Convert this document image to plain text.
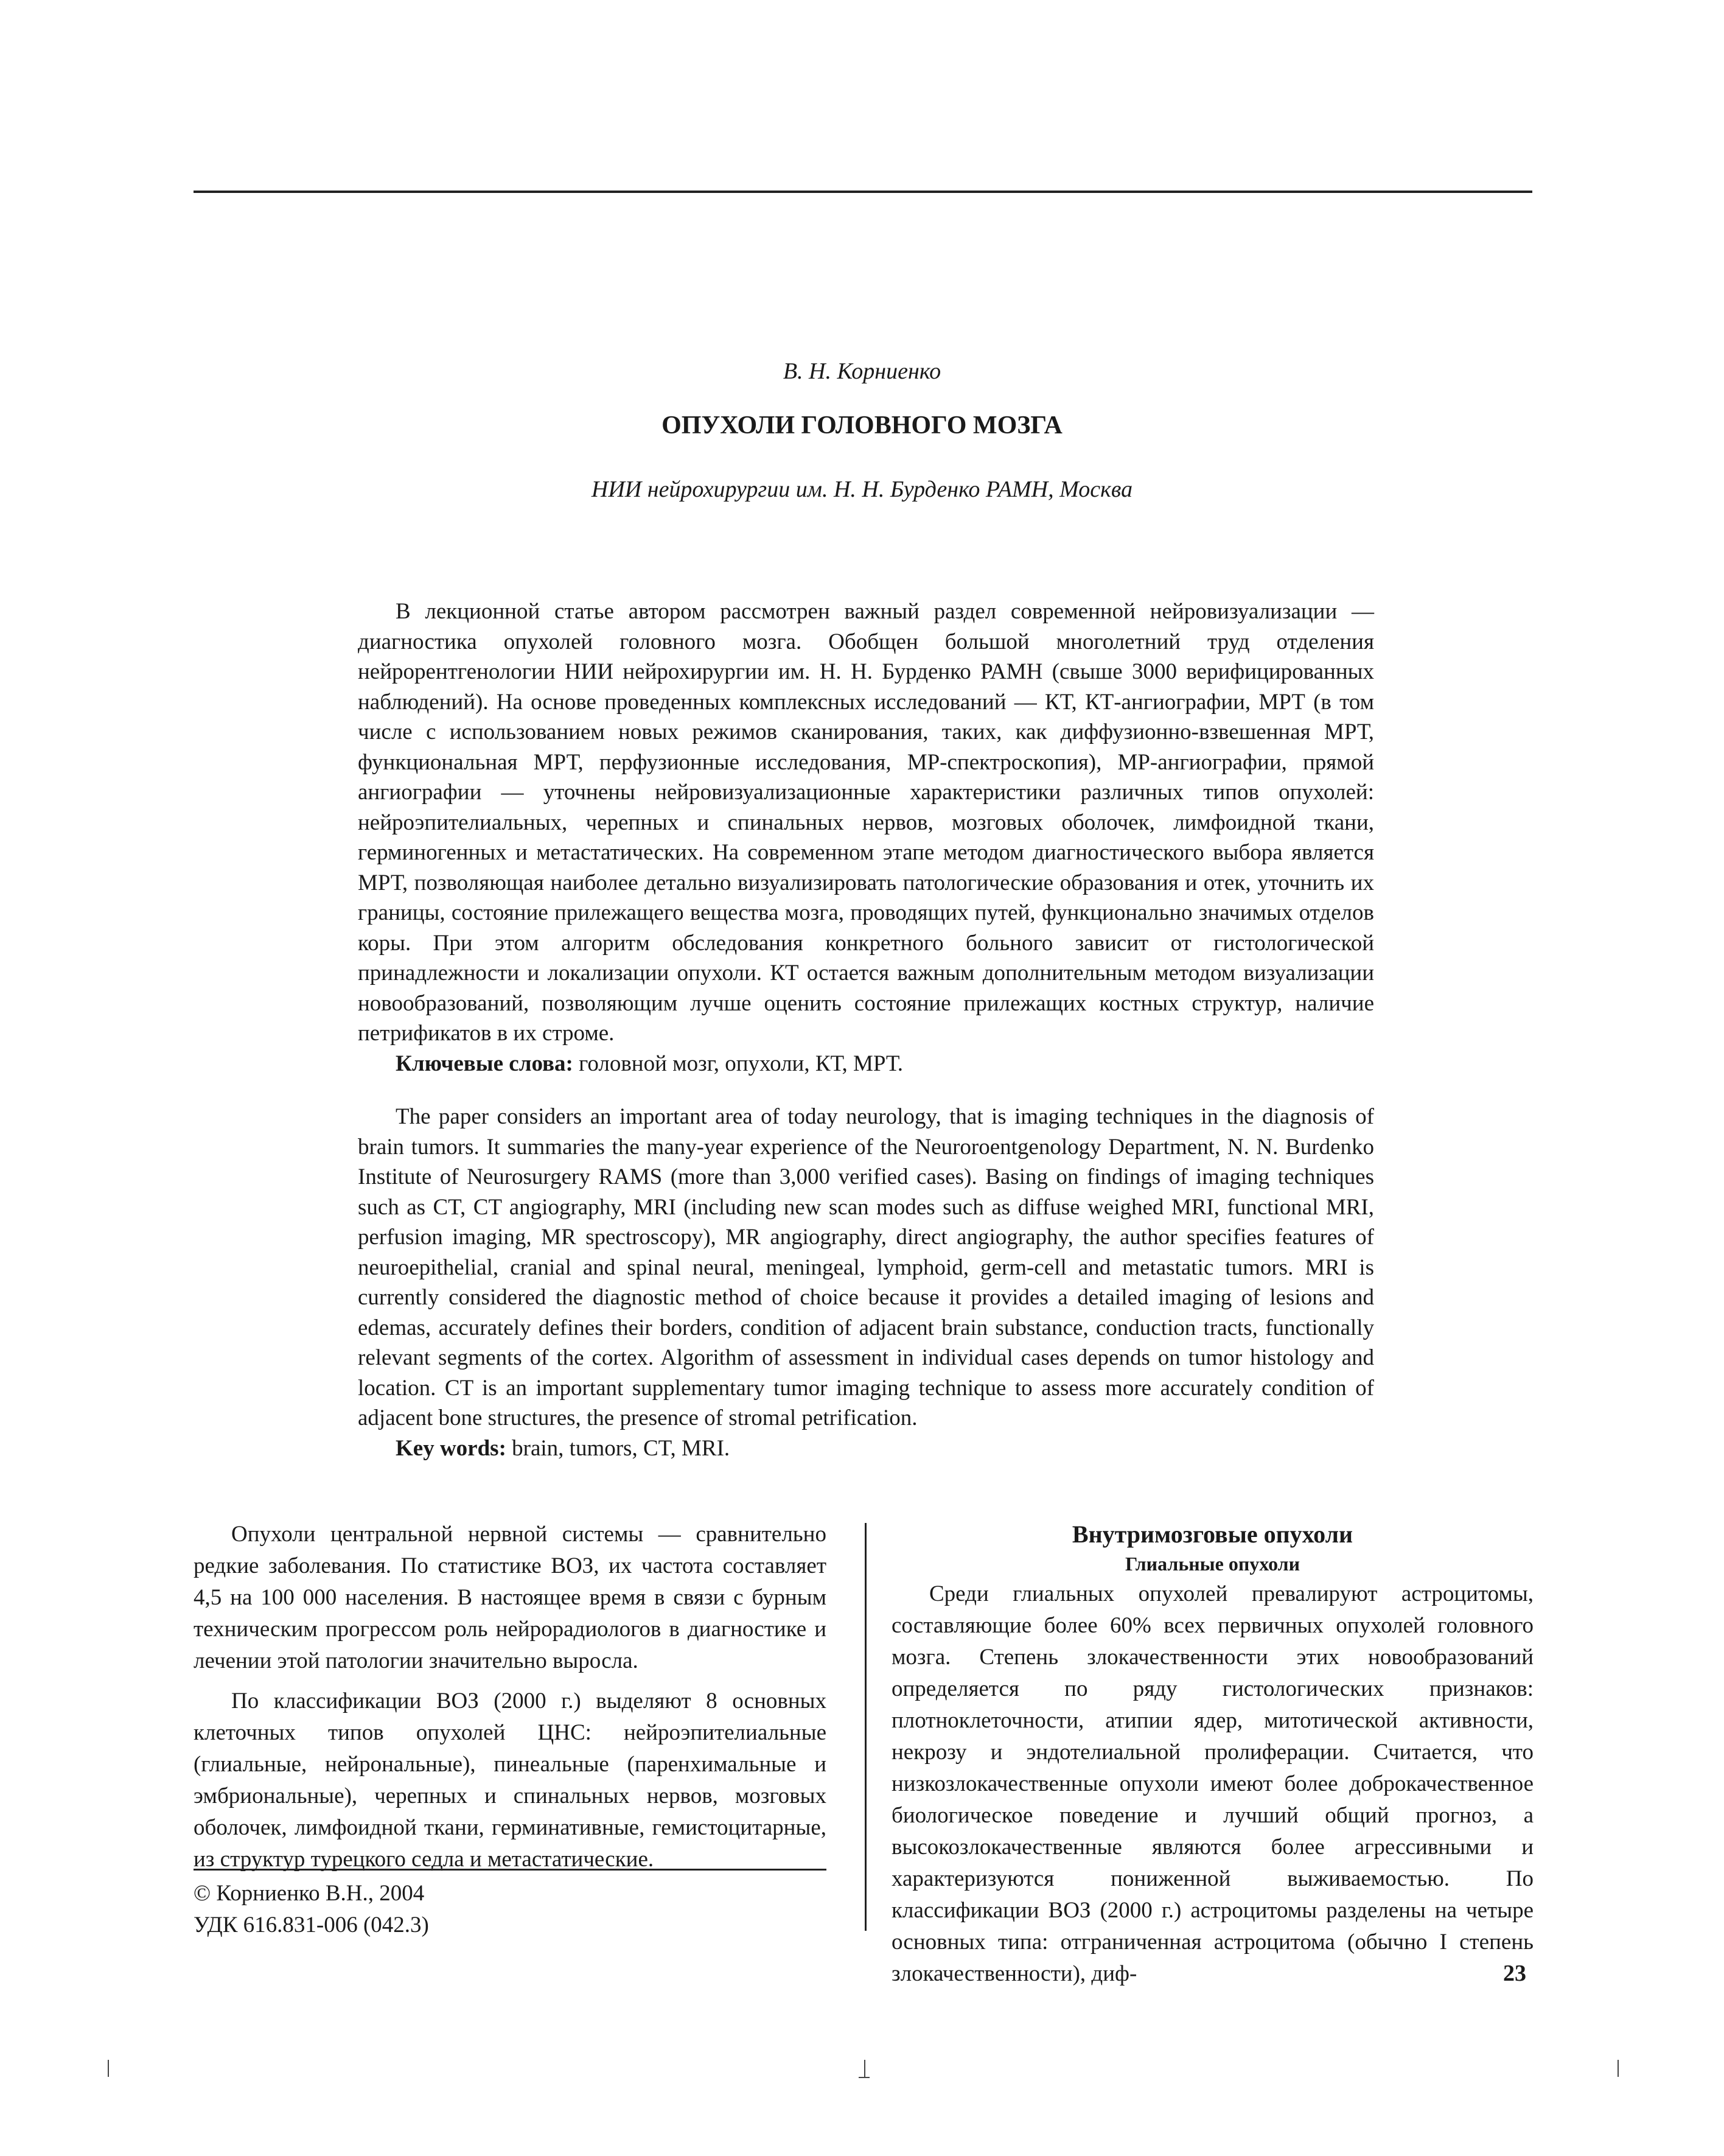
В. Н. Корниенко
ОПУХОЛИ ГОЛОВНОГО МОЗГА
НИИ нейрохирургии им. Н. Н. Бурденко РАМН, Москва

В лекционной статье автором рассмотрен важный раздел современной нейровизуализации — диагностика опухолей головного мозга. Обобщен большой многолетний труд отделения нейрорентгенологии НИИ нейрохирургии им. Н. Н. Бурденко РАМН (свыше 3000 верифицированных наблюдений). На основе проведенных комплексных исследований — КТ, КТ-ангиографии, МРТ (в том числе с использованием новых режимов сканирования, таких, как диффузионно-взвешенная МРТ, функциональная МРТ, перфузионные исследования, МР-спектроскопия), МР-ангиографии, прямой ангиографии — уточнены нейровизуализационные характеристики различных типов опухолей: нейроэпителиальных, черепных и спинальных нервов, мозговых оболочек, лимфоидной ткани, герминогенных и метастатических. На современном этапе методом диагностического выбора является МРТ, позволяющая наиболее детально визуализировать патологические образования и отек, уточнить их границы, состояние прилежащего вещества мозга, проводящих путей, функционально значимых отделов коры. При этом алгоритм обследования конкретного больного зависит от гистологической принадлежности и локализации опухоли. КТ остается важным дополнительным методом визуализации новообразований, позволяющим лучше оценить состояние прилежащих костных структур, наличие петрификатов в их строме.

Ключевые слова: головной мозг, опухоли, КТ, МРТ.

The paper considers an important area of today neurology, that is imaging techniques in the diagnosis of brain tumors. It summaries the many-year experience of the Neuroroentgenology Department, N. N. Burdenko Institute of Neurosurgery RAMS (more than 3,000 verified cases). Basing on findings of imaging techniques such as CT, CT angiography, MRI (including new scan modes such as diffuse weighed MRI, functional MRI, perfusion imaging, MR spectroscopy), MR angiography, direct angiography, the author specifies features of neuroepithelial, cranial and spinal neural, meningeal, lymphoid, germ-cell and metastatic tumors. MRI is currently considered the diagnostic method of choice because it provides a detailed imaging of lesions and edemas, accurately defines their borders, condition of adjacent brain substance, conduction tracts, functionally relevant segments of the cortex. Algorithm of assessment in individual cases depends on tumor histology and location. CT is an important supplementary tumor imaging technique to assess more accurately condition of adjacent bone structures, the presence of stromal petrification.

Key words: brain, tumors, CT, MRI.

Опухоли центральной нервной системы — сравнительно редкие заболевания. По статистике ВОЗ, их частота составляет 4,5 на 100 000 населения. В настоящее время в связи с бурным техническим прогрессом роль нейрорадиологов в диагностике и лечении этой патологии значительно выросла.

По классификации ВОЗ (2000 г.) выделяют 8 основных клеточных типов опухолей ЦНС: нейроэпителиальные (глиальные, нейрональные), пинеальные (паренхимальные и эмбриональные), черепных и спинальных нервов, мозговых оболочек, лимфоидной ткани, герминативные, гемистоцитарные, из структур турецкого седла и метастатические.

© Корниенко В.Н., 2004
УДК 616.831-006 (042.3)
Внутримозговые опухоли
Глиальные опухоли

Среди глиальных опухолей превалируют астроцитомы, составляющие более 60% всех первичных опухолей головного мозга. Степень злокачественности этих новообразований определяется по ряду гистологических признаков: плотноклеточности, атипии ядер, митотической активности, некрозу и эндотелиальной пролиферации. Считается, что низкозлокачественные опухоли имеют более доброкачественное биологическое поведение и лучший общий прогноз, а высокозлокачественные являются более агрессивными и характеризуются пониженной выживаемостью. По классификации ВОЗ (2000 г.) астроцитомы разделены на четыре основных типа: отграниченная астроцитома (обычно I степень злокачественности), диф-	23
